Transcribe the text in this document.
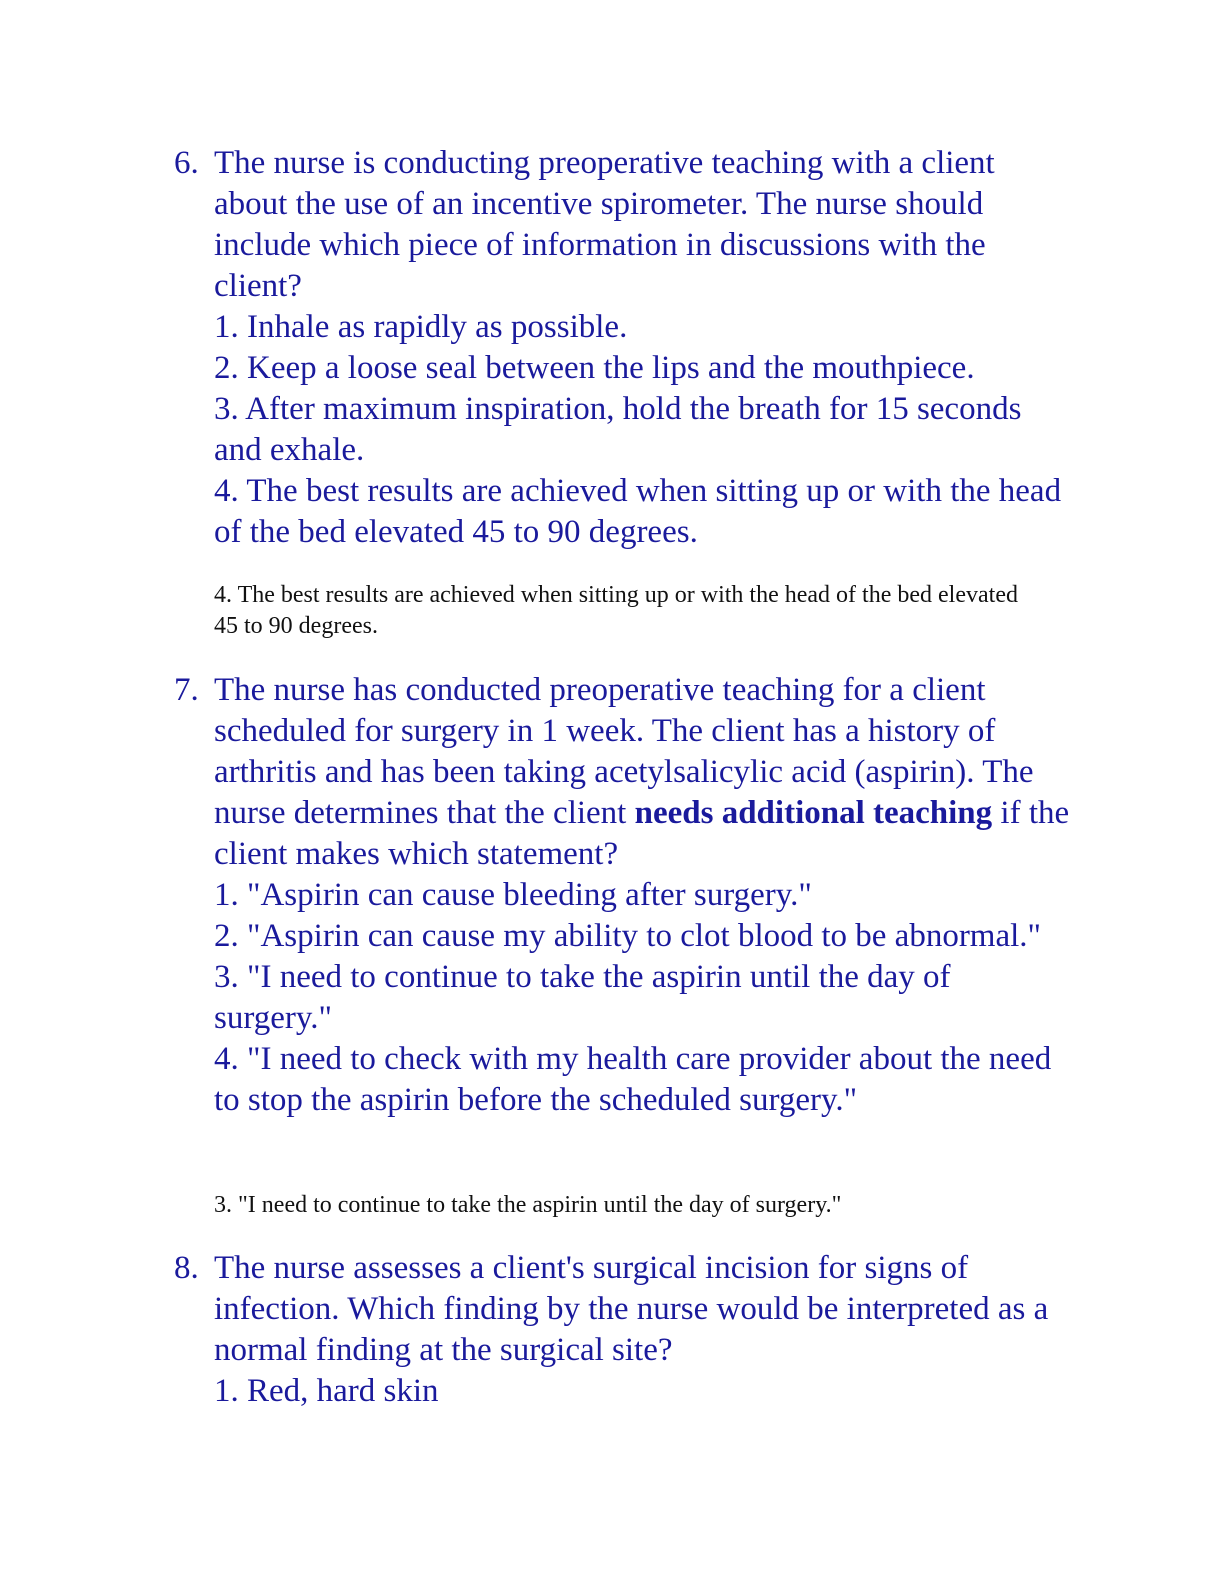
6. The nurse is conducting preoperative teaching with a client about the use of an incentive spirometer. The nurse should include which piece of information in discussions with the client?

1. Inhale as rapidly as possible.
2. Keep a loose seal between the lips and the mouthpiece.
3. After maximum inspiration, hold the breath for 15 seconds and exhale.
4. The best results are achieved when sitting up or with the head of the bed elevated 45 to 90 degrees.
4. The best results are achieved when sitting up or with the head of the bed elevated 45 to 90 degrees.
7. The nurse has conducted preoperative teaching for a client scheduled for surgery in 1 week. The client has a history of arthritis and has been taking acetylsalicylic acid (aspirin). The nurse determines that the client needs additional teaching if the client makes which statement?

1. "Aspirin can cause bleeding after surgery."
2. "Aspirin can cause my ability to clot blood to be abnormal."
3. "I need to continue to take the aspirin until the day of surgery."
4. "I need to check with my health care provider about the need to stop the aspirin before the scheduled surgery."
3. "I need to continue to take the aspirin until the day of surgery."
8. The nurse assesses a client's surgical incision for signs of infection. Which finding by the nurse would be interpreted as a normal finding at the surgical site?

1. Red, hard skin
